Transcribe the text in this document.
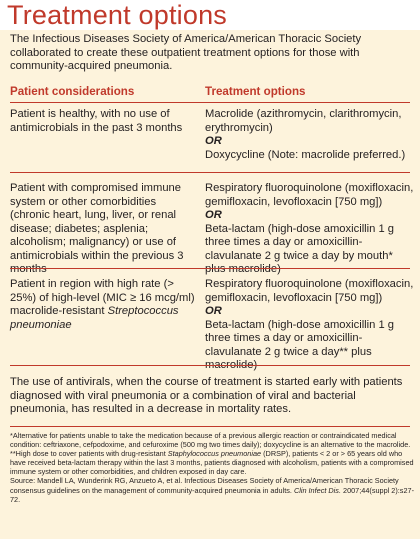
Treatment options
The Infectious Diseases Society of America/American Thoracic Society collaborated to create these outpatient treatment options for those with community-acquired pneumonia.
Patient considerations	Treatment options
Patient is healthy, with no use of antimicrobials in the past 3 months
Macrolide (azithromycin, clarithromycin, erythromycin)
OR
Doxycycline (Note: macrolide preferred.)
Patient with compromised immune system or other comorbidities (chronic heart, lung, liver, or renal disease; diabetes; asplenia; alcoholism; malignancy) or use of antimicrobials within the previous 3 months
Respiratory fluoroquinolone (moxifloxacin, gemifloxacin, levofloxacin [750 mg])
OR
Beta-lactam (high-dose amoxicillin 1 g three times a day or amoxicillin-clavulanate 2 g twice a day by mouth* plus macrolide)
Patient in region with high rate (> 25%) of high-level (MIC ≥ 16 mcg/ml) macrolide-resistant Streptococcus pneumoniae
Respiratory fluoroquinolone (moxifloxacin, gemifloxacin, levofloxacin [750 mg])
OR
Beta-lactam (high-dose amoxicillin 1 g three times a day or amoxicillin-clavulanate 2 g twice a day** plus macrolide)
The use of antivirals, when the course of treatment is started early with patients diagnosed with viral pneumonia or a combination of viral and bacterial pneumonia, has resulted in a decrease in mortality rates.

*Alternative for patients unable to take the medication because of a previous allergic reaction or contraindicated medical condition: ceftriaxone, cefpodoxime, and cefuroxime (500 mg two times daily); doxycycline is an alternative to the macrolide.

**High dose to cover patients with drug-resistant Staphylococcus pneumoniae (DRSP), patients < 2 or > 65 years old who have received beta-lactam therapy within the last 3 months, patients diagnosed with alcoholism, patients with a compromised immune system or other comorbidities, and children exposed in day care.

Source: Mandell LA, Wunderink RG, Anzueto A, et al. Infectious Diseases Society of America/American Thoracic Society consensus guidelines on the management of community-acquired pneumonia in adults. Clin Infect Dis. 2007;44(suppl 2):s27-72.
